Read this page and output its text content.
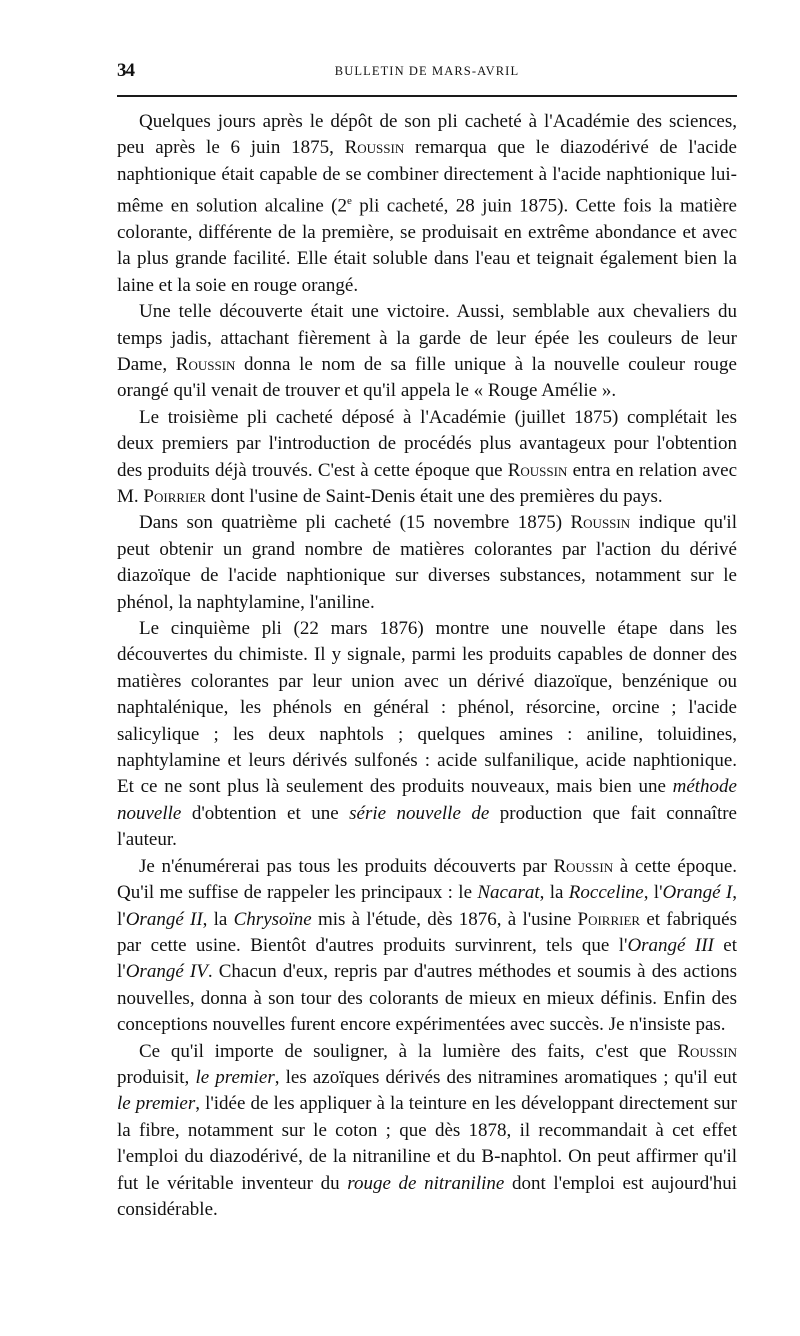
34	BULLETIN DE MARS-AVRIL

Quelques jours après le dépôt de son pli cacheté à l'Académie des sciences, peu après le 6 juin 1875, Roussin remarqua que le diazodérivé de l'acide naphtionique était capable de se combiner directement à l'acide naphtionique lui-même en solution alcaline (2e pli cacheté, 28 juin 1875). Cette fois la matière colorante, différente de la première, se produisait en extrême abondance et avec la plus grande facilité. Elle était soluble dans l'eau et teignait également bien la laine et la soie en rouge orangé.

Une telle découverte était une victoire. Aussi, semblable aux chevaliers du temps jadis, attachant fièrement à la garde de leur épée les couleurs de leur Dame, Roussin donna le nom de sa fille unique à la nouvelle couleur rouge orangé qu'il venait de trouver et qu'il appela le « Rouge Amélie ».

Le troisième pli cacheté déposé à l'Académie (juillet 1875) complétait les deux premiers par l'introduction de procédés plus avantageux pour l'obtention des produits déjà trouvés. C'est à cette époque que Roussin entra en relation avec M. Poirrier dont l'usine de Saint-Denis était une des premières du pays.

Dans son quatrième pli cacheté (15 novembre 1875) Roussin indique qu'il peut obtenir un grand nombre de matières colorantes par l'action du dérivé diazoïque de l'acide naphtionique sur diverses substances, notamment sur le phénol, la naphtylamine, l'aniline.

Le cinquième pli (22 mars 1876) montre une nouvelle étape dans les découvertes du chimiste. Il y signale, parmi les produits capables de donner des matières colorantes par leur union avec un dérivé diazoïque, benzénique ou naphtalénique, les phénols en général : phénol, résorcine, orcine ; l'acide salicylique ; les deux naphtols ; quelques amines : aniline, toluidines, naphtylamine et leurs dérivés sulfonés : acide sulfanilique, acide naphtionique. Et ce ne sont plus là seulement des produits nouveaux, mais bien une méthode nouvelle d'obtention et une série nouvelle de production que fait connaître l'auteur.

Je n'énumérerai pas tous les produits découverts par Roussin à cette époque. Qu'il me suffise de rappeler les principaux : le Nacarat, la Rocceline, l'Orangé I, l'Orangé II, la Chrysoïne mis à l'étude, dès 1876, à l'usine Poirrier et fabriqués par cette usine. Bientôt d'autres produits survinrent, tels que l'Orangé III et l'Orangé IV. Chacun d'eux, repris par d'autres méthodes et soumis à des actions nouvelles, donna à son tour des colorants de mieux en mieux définis. Enfin des conceptions nouvelles furent encore expérimentées avec succès. Je n'insiste pas.

Ce qu'il importe de souligner, à la lumière des faits, c'est que Roussin produisit, le premier, les azoïques dérivés des nitramines aromatiques ; qu'il eut le premier, l'idée de les appliquer à la teinture en les développant directement sur la fibre, notamment sur le coton ; que dès 1878, il recommandait à cet effet l'emploi du diazodérivé, de la nitraniline et du B-naphtol. On peut affirmer qu'il fut le véritable inventeur du rouge de nitraniline dont l'emploi est aujourd'hui considérable.
